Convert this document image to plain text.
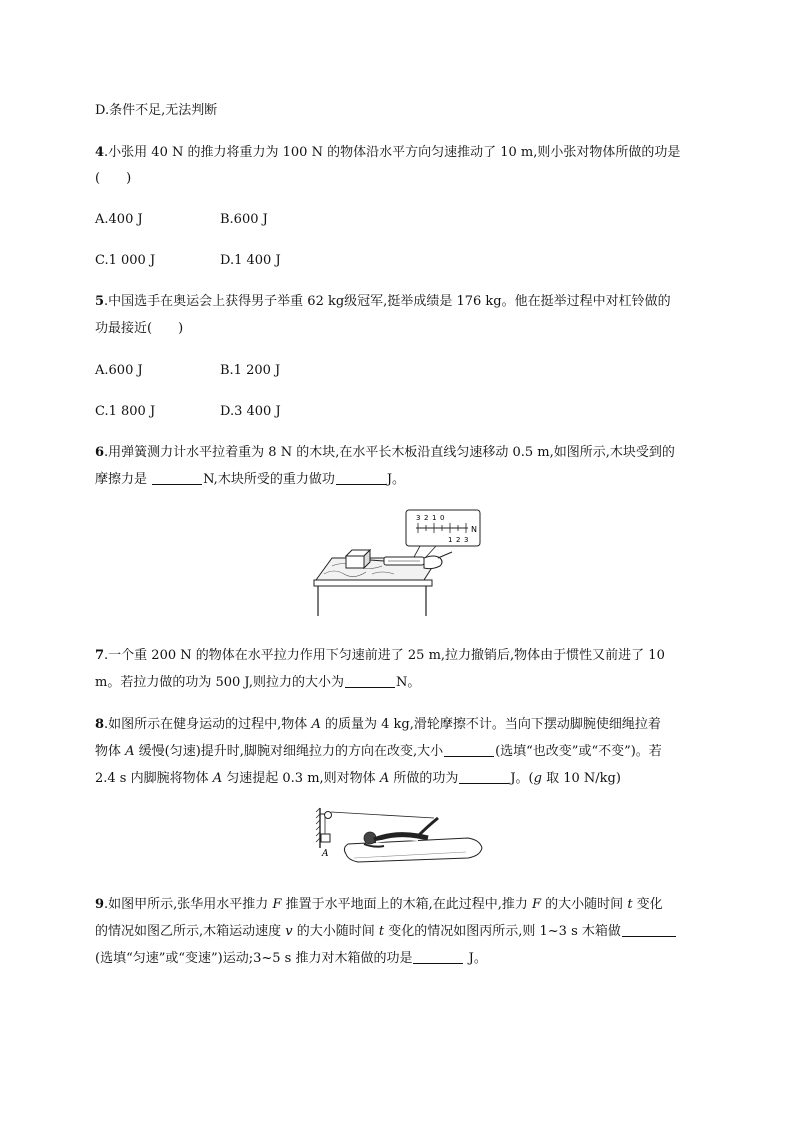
D.条件不足,无法判断
4.小张用 40 N 的推力将重力为 100 N 的物体沿水平方向匀速推动了 10 m,则小张对物体所做的功是
(　　)
A.400 J	B.600 J
C.1 000 J	D.1 400 J
5.中国选手在奥运会上获得男子举重 62 kg级冠军,挺举成绩是 176 kg。他在挺举过程中对杠铃做的
功最接近(　　)
A.600 J	B.1 200 J
C.1 800 J	D.3 400 J
6.用弹簧测力计水平拉着重为 8 N 的木块,在水平长木板沿直线匀速移动 0.5 m,如图所示,木块受到的
摩擦力是	N,木块所受的重力做功	J。
3 2 1 0
1 2 3
N
7.一个重 200 N 的物体在水平拉力作用下匀速前进了 25 m,拉力撤销后,物体由于惯性又前进了 10
m。若拉力做的功为 500 J,则拉力的大小为	N。
8.如图所示在健身运动的过程中,物体 A 的质量为 4 kg,滑轮摩擦不计。当向下摆动脚腕使细绳拉着
物体 A 缓慢(匀速)提升时,脚腕对细绳拉力的方向在改变,大小	(选填“也改变”或“不变”)。若
2.4 s 内脚腕将物体 A 匀速提起 0.3 m,则对物体 A 所做的功为	J。(g 取 10 N/kg)
A
9.如图甲所示,张华用水平推力 F 推置于水平地面上的木箱,在此过程中,推力 F 的大小随时间 t 变化
的情况如图乙所示,木箱运动速度 v 的大小随时间 t 变化的情况如图丙所示,则 1~3 s 木箱做
(选填“匀速”或“变速”)运动;3~5 s 推力对木箱做的功是	J。
